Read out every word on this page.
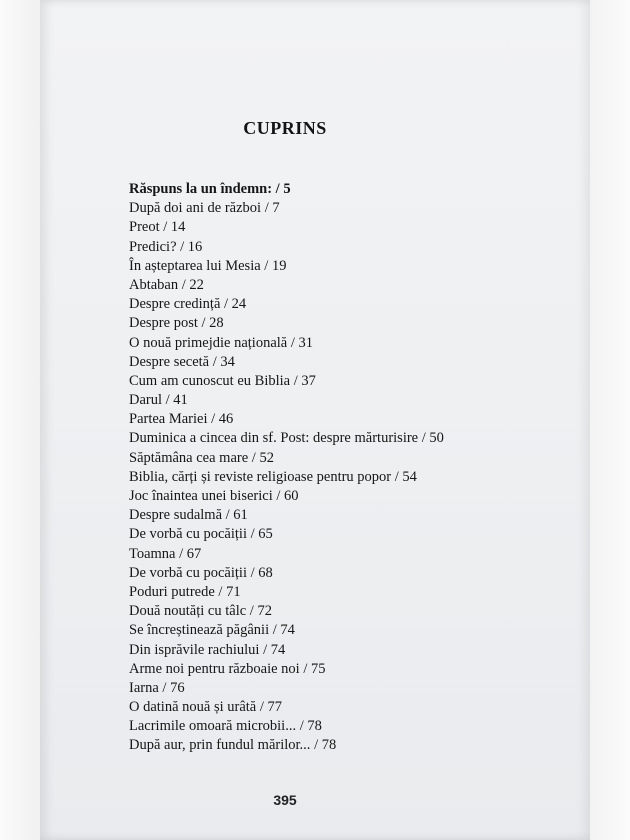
CUPRINS
Răspuns la un îndemn: / 5
După doi ani de război / 7
Preot / 14
Predici? / 16
În așteptarea lui Mesia / 19
Abtaban / 22
Despre credință / 24
Despre post / 28
O nouă primejdie națională / 31
Despre secetă / 34
Cum am cunoscut eu Biblia / 37
Darul / 41
Partea Mariei / 46
Duminica a cincea din sf. Post: despre mărturisire / 50
Săptămâna cea mare / 52
Biblia, cărți și reviste religioase pentru popor / 54
Joc înaintea unei biserici / 60
Despre sudalmă / 61
De vorbă cu pocăiții / 65
Toamna / 67
De vorbă cu pocăiții / 68
Poduri putrede / 71
Două noutăți cu tâlc / 72
Se încreștinează păgânii / 74
Din isprăvile rachiului / 74
Arme noi pentru războaie noi / 75
Iarna / 76
O datină nouă și urâtă / 77
Lacrimile omoară microbii... / 78
După aur, prin fundul mărilor... / 78
395
